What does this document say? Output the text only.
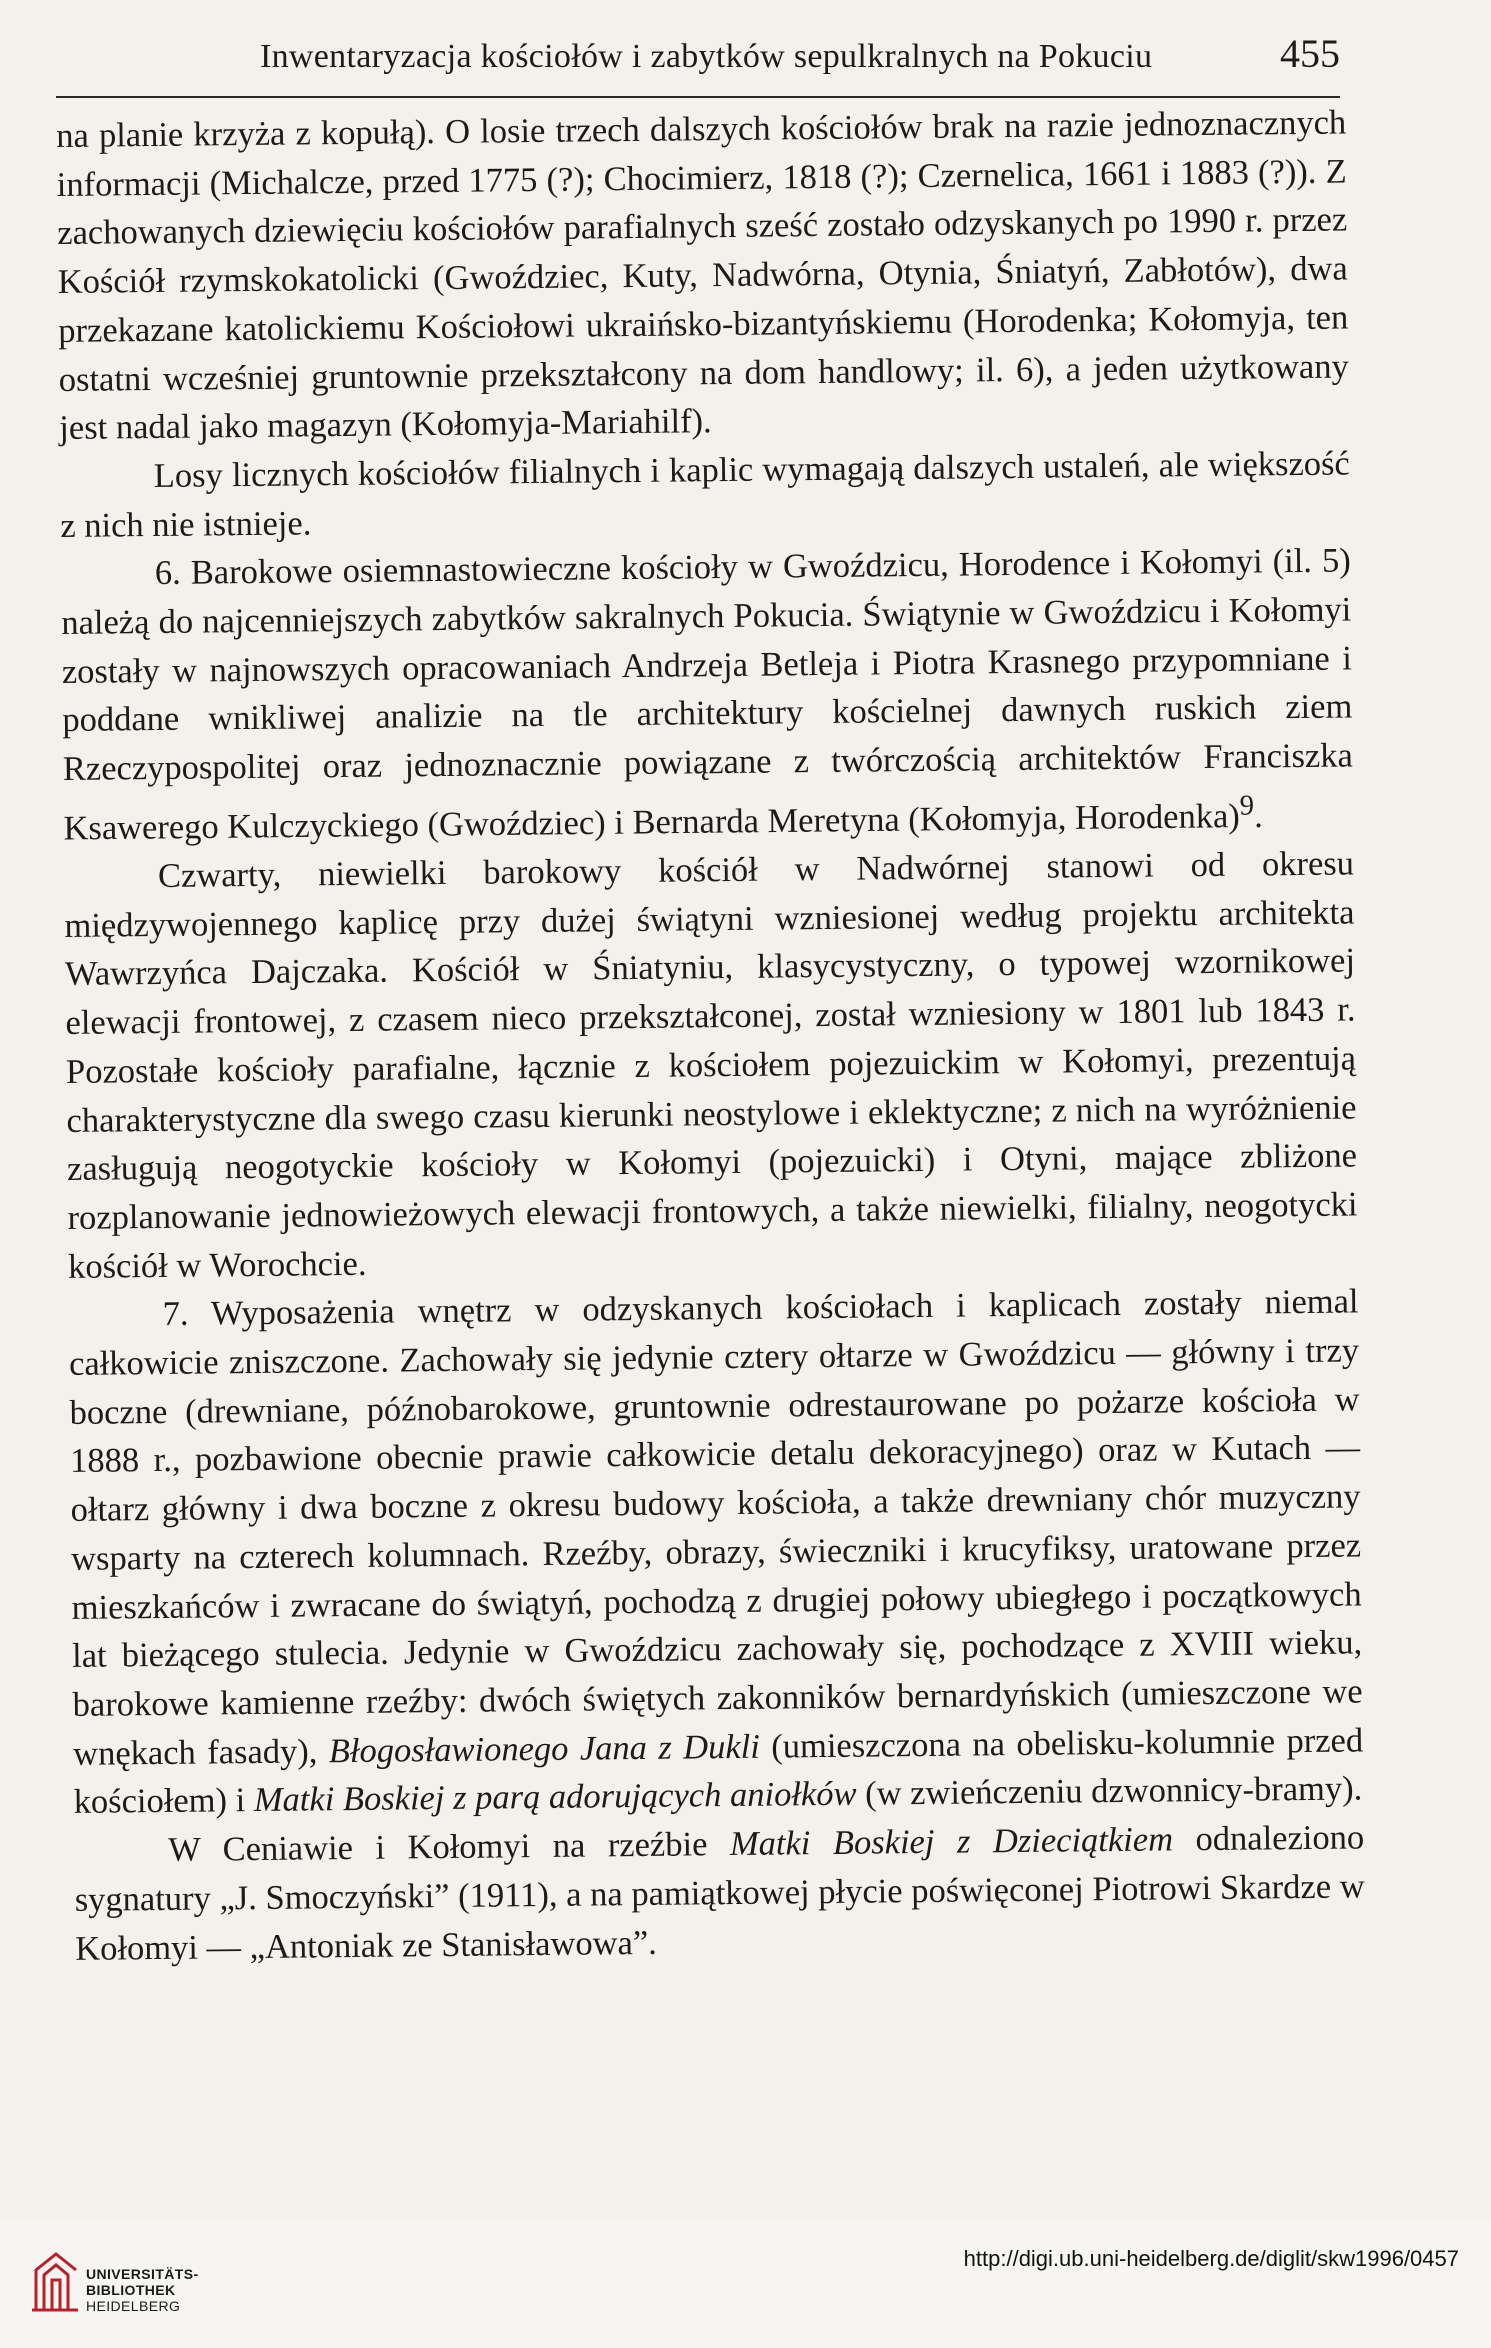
Inwentaryzacja kościołów i zabytków sepulkralnych na Pokuciu	455

na planie krzyża z kopułą). O losie trzech dalszych kościołów brak na razie jednoznacznych informacji (Michalcze, przed 1775 (?); Chocimierz, 1818 (?); Czernelica, 1661 i 1883 (?)). Z zachowanych dziewięciu kościołów parafialnych sześć zostało odzyskanych po 1990 r. przez Kościół rzymskokatolicki (Gwoździec, Kuty, Nadwórna, Otynia, Śniatyń, Zabłotów), dwa przekazane katolickiemu Kościołowi ukraińsko-bizantyńskiemu (Horodenka; Kołomyja, ten ostatni wcześniej gruntownie przekształcony na dom handlowy; il. 6), a jeden użytkowany jest nadal jako magazyn (Kołomyja-Mariahilf).

Losy licznych kościołów filialnych i kaplic wymagają dalszych ustaleń, ale większość z nich nie istnieje.

6. Barokowe osiemnastowieczne kościoły w Gwoździcu, Horodence i Kołomyi (il. 5) należą do najcenniejszych zabytków sakralnych Pokucia. Świątynie w Gwoździcu i Kołomyi zostały w najnowszych opracowaniach Andrzeja Betleja i Piotra Krasnego przypomniane i poddane wnikliwej analizie na tle architektury kościelnej dawnych ruskich ziem Rzeczypospolitej oraz jednoznacznie powiązane z twórczością architektów Franciszka Ksawerego Kulczyckiego (Gwoździec) i Bernarda Meretyna (Kołomyja, Horodenka)$^9$.

Czwarty, niewielki barokowy kościół w Nadwórnej stanowi od okresu międzywojennego kaplicę przy dużej świątyni wzniesionej według projektu architekta Wawrzyńca Dajczaka. Kościół w Śniatyniu, klasycystyczny, o typowej wzornikowej elewacji frontowej, z czasem nieco przekształconej, został wzniesiony w 1801 lub 1843 r. Pozostałe kościoły parafialne, łącznie z kościołem pojezuickim w Kołomyi, prezentują charakterystyczne dla swego czasu kierunki neostylowe i eklektyczne; z nich na wyróżnienie zasługują neogotyckie kościoły w Kołomyi (pojezuicki) i Otyni, mające zbliżone rozplanowanie jednowieżowych elewacji frontowych, a także niewielki, filialny, neogotycki kościół w Worochcie.

7. Wyposażenia wnętrz w odzyskanych kościołach i kaplicach zostały niemal całkowicie zniszczone. Zachowały się jedynie cztery ołtarze w Gwoździcu — główny i trzy boczne (drewniane, późnobarokowe, gruntownie odrestaurowane po pożarze kościoła w 1888 r., pozbawione obecnie prawie całkowicie detalu dekoracyjnego) oraz w Kutach — ołtarz główny i dwa boczne z okresu budowy kościoła, a także drewniany chór muzyczny wsparty na czterech kolumnach. Rzeźby, obrazy, świeczniki i krucyfiksy, uratowane przez mieszkańców i zwracane do świątyń, pochodzą z drugiej połowy ubiegłego i początkowych lat bieżącego stulecia. Jedynie w Gwoździcu zachowały się, pochodzące z XVIII wieku, barokowe kamienne rzeźby: dwóch świętych zakonników bernardyńskich (umieszczone we wnękach fasady), Błogosławionego Jana z Dukli (umieszczona na obelisku-kolumnie przed kościołem) i Matki Boskiej z parą adorujących aniołków (w zwieńczeniu dzwonnicy-bramy).

W Ceniawie i Kołomyi na rzeźbie Matki Boskiej z Dzieciątkiem odnaleziono sygnatury „J. Smoczyński” (1911), a na pamiątkowej płycie poświęconej Piotrowi Skardze w Kołomyi — „Antoniak ze Stanisławowa”.

UNIVERSITÄTS-
BIBLIOTHEK
HEIDELBERG
http://digi.ub.uni-heidelberg.de/diglit/skw1996/0457
